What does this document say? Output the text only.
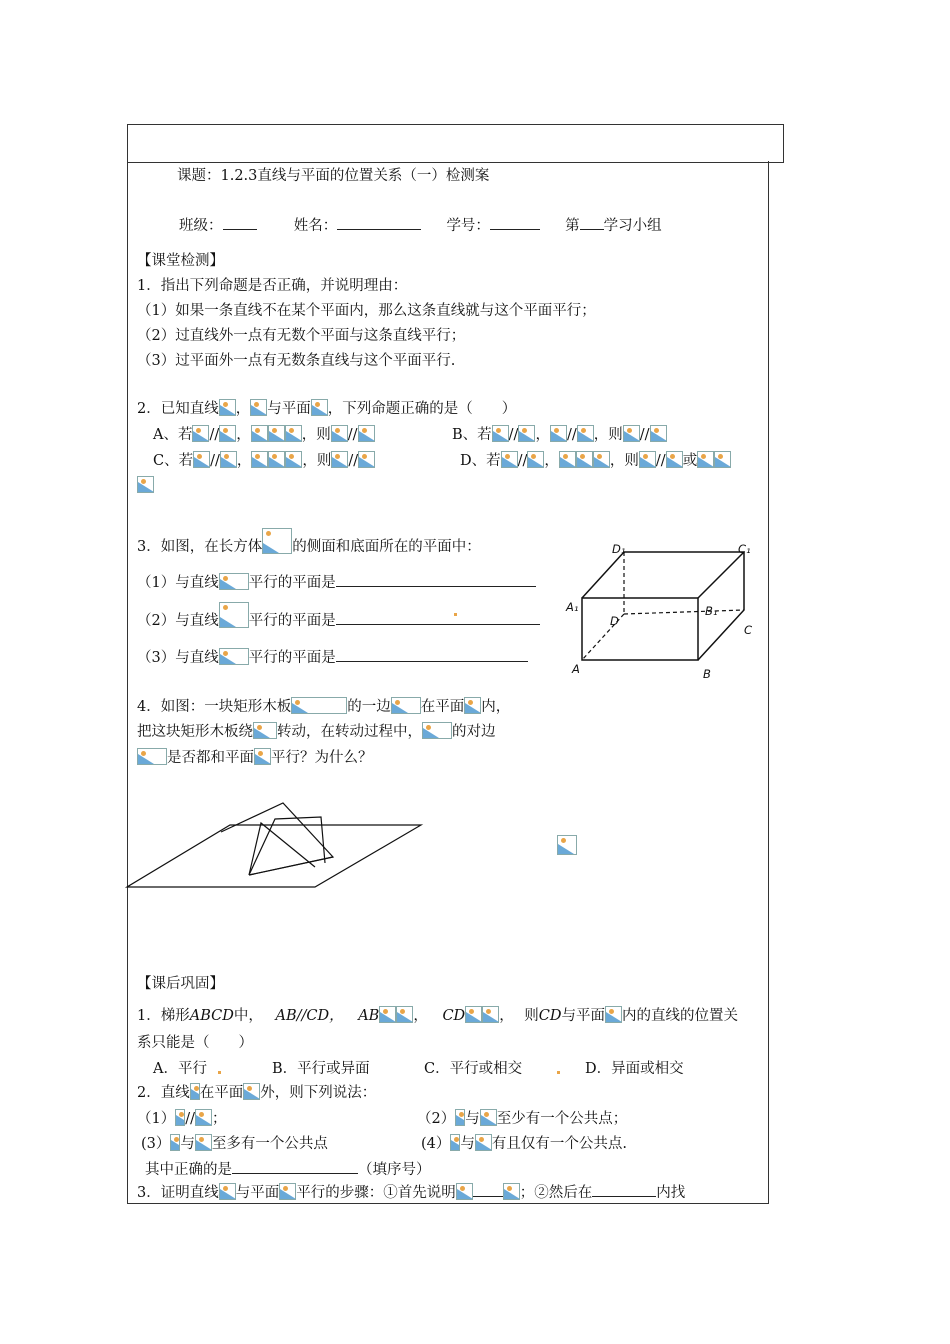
课题：1.2.3直线与平面的位置关系（一）检测案
班级：	姓名：	学号：	第 学习小组
【课堂检测】
1．指出下列命题是否正确，并说明理由：
（1）如果一条直线不在某个平面内，那么这条直线就与这个平面平行；
（2）过直线外一点有无数个平面与这条直线平行；
（3）过平面外一点有无数条直线与这个平面平行.
2．已知直线 ， 与平面 ，下列命题正确的是（　　）
A、若 // ，	，则 //	B、若 // ， // ，则 //
C、若 // ，	，则 //	D、若 // ，	，则 // 或
3．如图，在长方体 的侧面和底面所在的平面中：
（1）与直线 平行的平面是
（2）与直线 平行的平面是
（3）与直线 平行的平面是
D₁	C₁
A₁	B₁
D
C
A	B
4．如图：一块矩形木板	的一边 在平面 内，
把这块矩形木板绕 转动，在转动过程中， 的对边
是否都和平面 平行？为什么？
【课后巩固】
1．梯形ABCD中， AB//CD， AB ， CD ， 则CD与平面 内的直线的位置关
系只能是（　　）
A．平行	B．平行或异面	C．平行或相交	D．异面或相交
2．直线 在平面 外，则下列说法：
（1） // ；	（2） 与 至少有一个公共点；
(3） 与 至多有一个公共点	(4） 与 有且仅有一个公共点.
其中正确的是	（填序号）
3．证明直线 与平面 平行的步骤：①首先说明	；②然后在	内找
